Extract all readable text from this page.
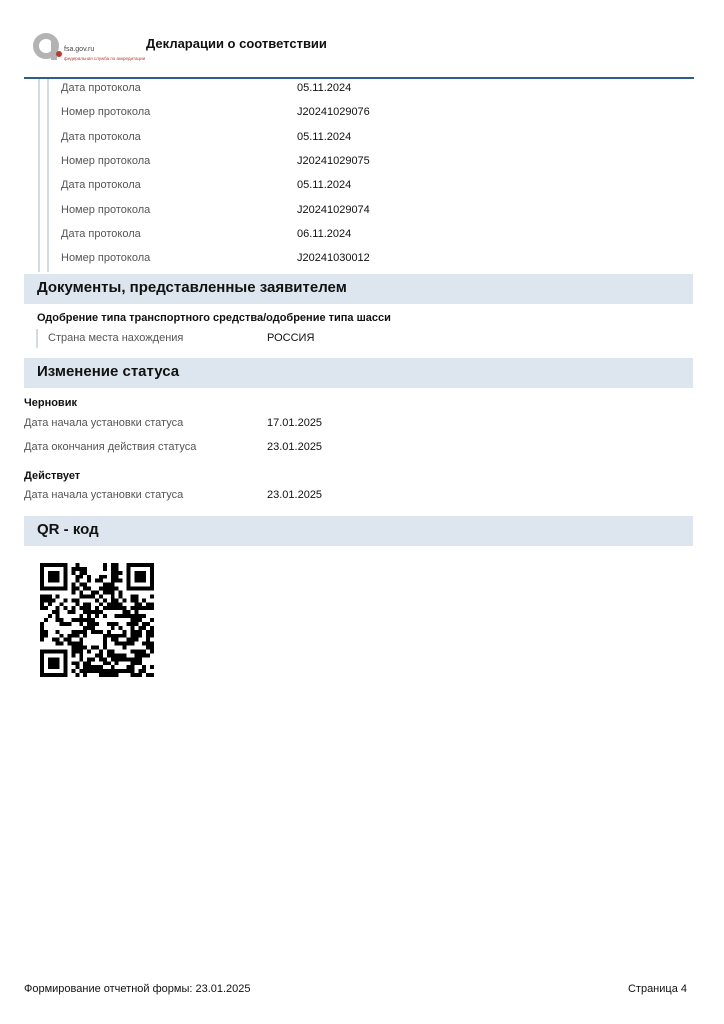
fsa.gov.ru
федеральная служба по аккредитации
Декларации о соответствии
Дата протокола	05.11.2024
Номер протокола	J20241029076
Дата протокола	05.11.2024
Номер протокола	J20241029075
Дата протокола	05.11.2024
Номер протокола	J20241029074
Дата протокола	06.11.2024
Номер протокола	J20241030012
Документы, представленные заявителем
Одобрение типа транспортного средства/одобрение типа шасси
Страна места нахождения	РОССИЯ
Изменение статуса
Черновик
Дата начала установки статуса	17.01.2025
Дата окончания действия статуса	23.01.2025
Действует
Дата начала установки статуса	23.01.2025
QR - код
Формирование отчетной формы: 23.01.2025	Страница 4
